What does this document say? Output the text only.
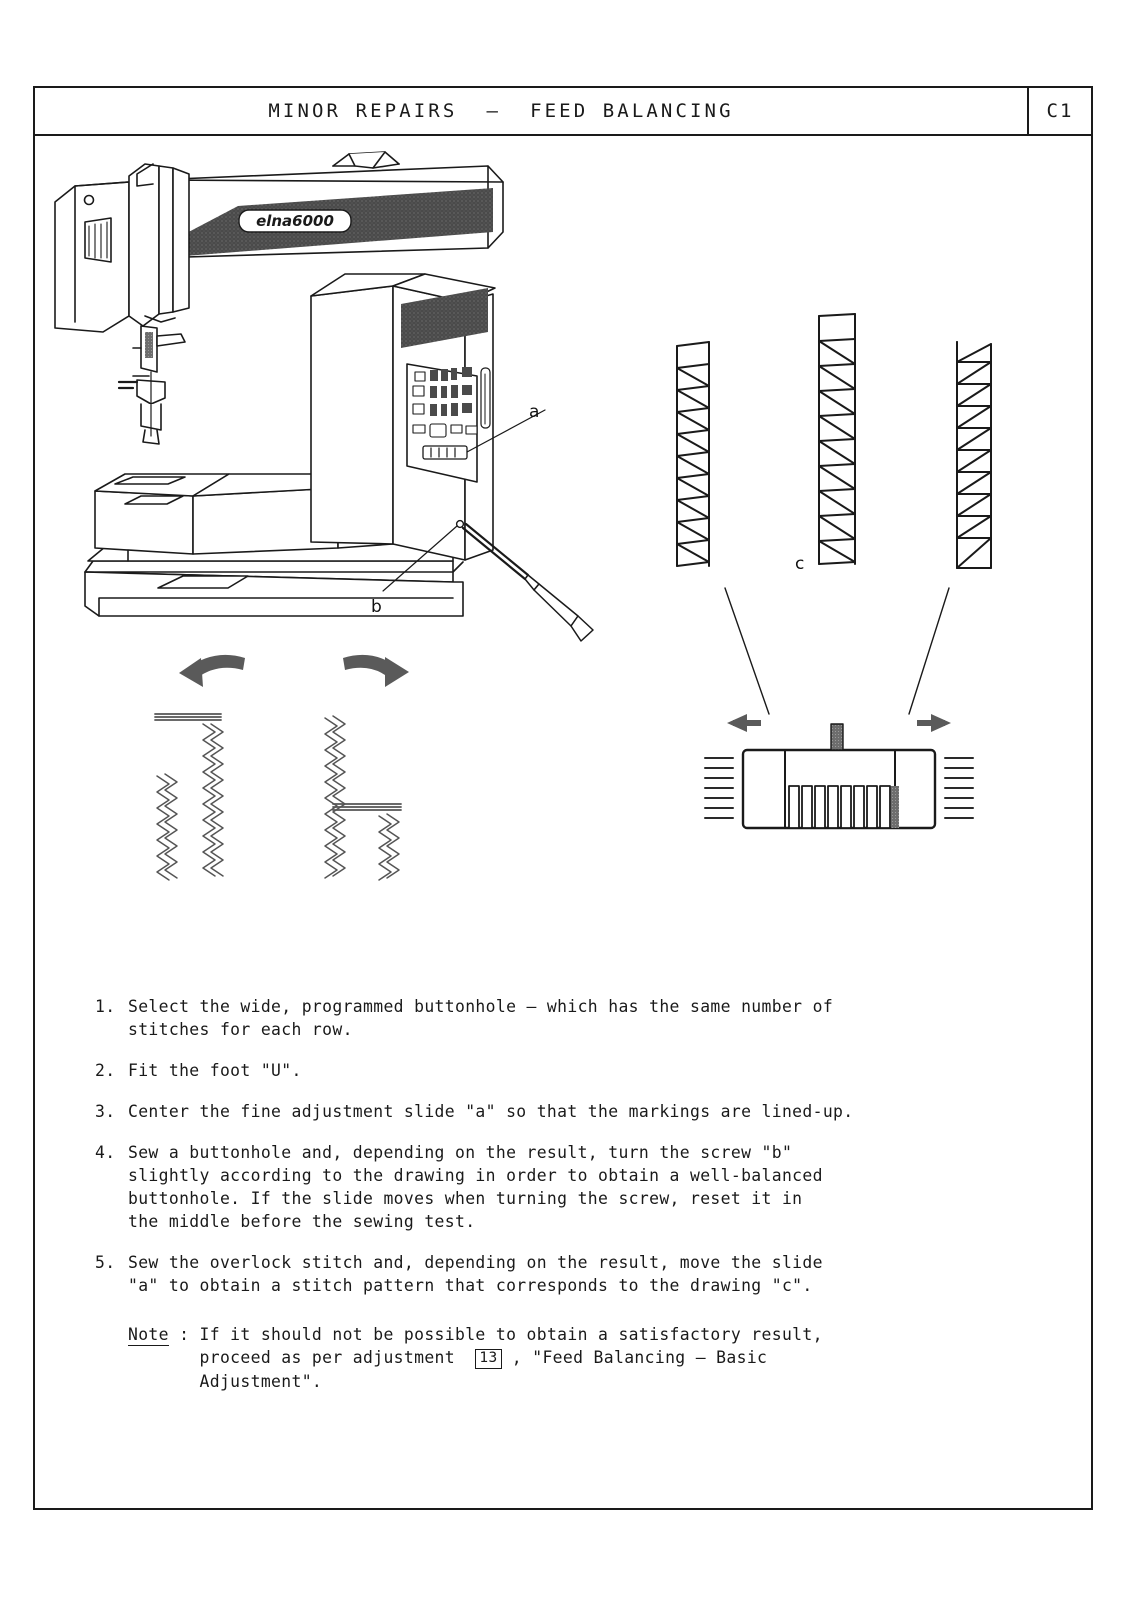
MINOR REPAIRS  —  FEED BALANCING	C1
elna6000
a
b
c
1. Select the wide, programmed buttonhole — which has the same number of
stitches for each row.
2. Fit the foot "U".
3. Center the fine adjustment slide "a" so that the markings are lined-up.
4. Sew a buttonhole and, depending on the result, turn the screw "b"
slightly according to the drawing in order to obtain a well-balanced
buttonhole. If the slide moves when turning the screw, reset it in
the middle before the sewing test.
5. Sew the overlock stitch and, depending on the result, move the slide
"a" to obtain a stitch pattern that corresponds to the drawing "c".
Note : If it should not be possible to obtain a satisfactory result,
proceed as per adjustment  13 , "Feed Balancing — Basic
Adjustment".
